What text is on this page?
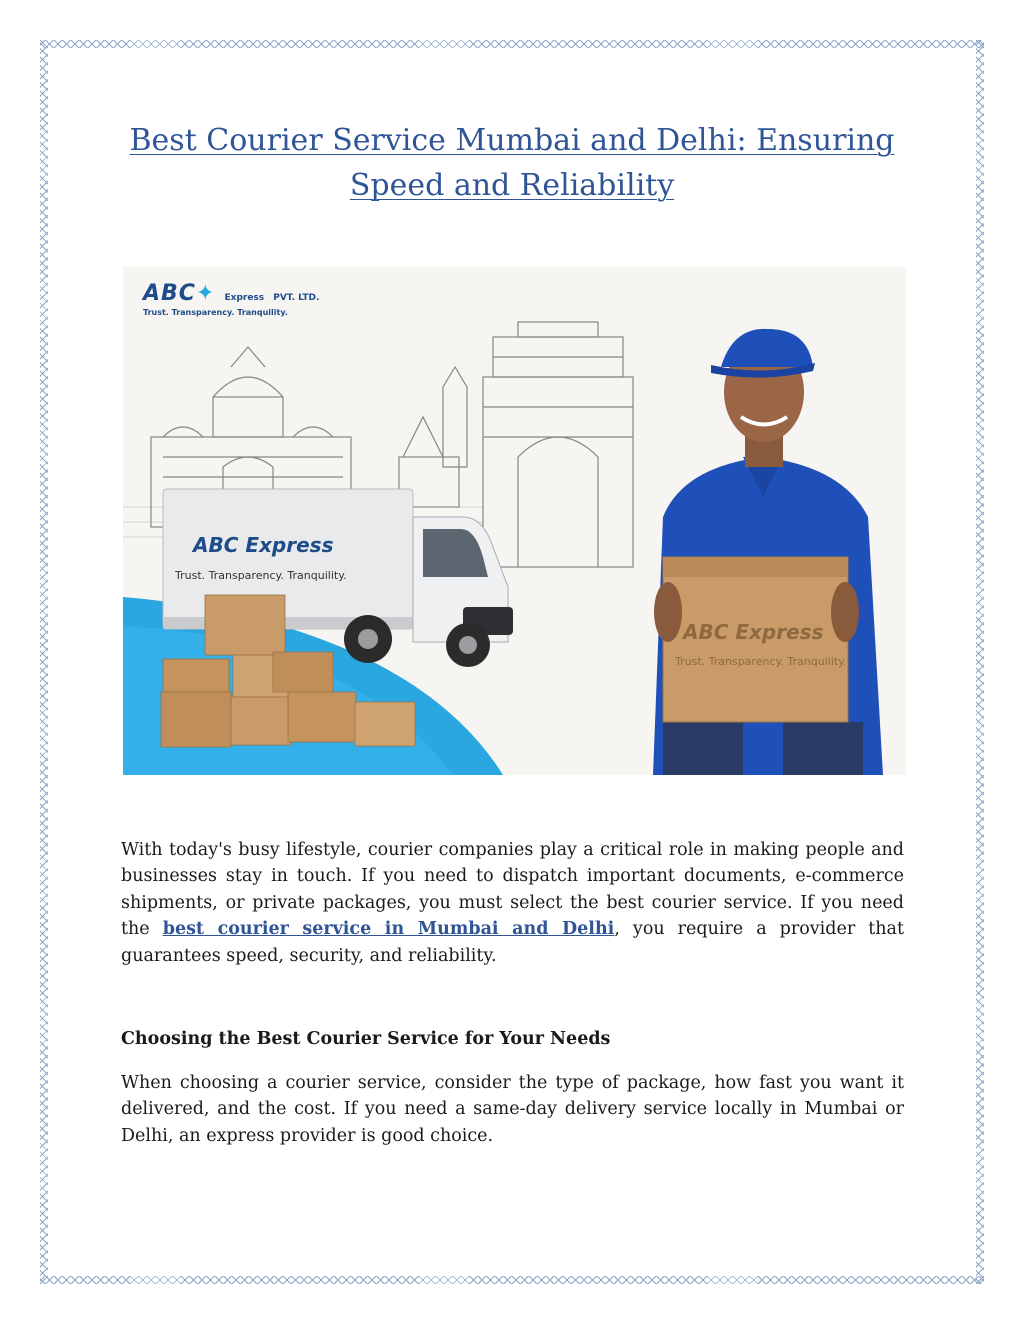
Best Courier Service Mumbai and Delhi: Ensuring Speed and Reliability
ABC Express
Trust. Transparency. Tranquility.
ABC Express
Trust. Transparency. Tranquility.
ABC✦ Express PVT. LTD.
Trust. Transparency. Tranquility.

With today's busy lifestyle, courier companies play a critical role in making people and businesses stay in touch. If you need to dispatch important documents, e-commerce shipments, or private packages, you must select the best courier service. If you need the best courier service in Mumbai and Delhi, you require a provider that guarantees speed, security, and reliability.

Choosing the Best Courier Service for Your Needs

When choosing a courier service, consider the type of package, how fast you want it delivered, and the cost. If you need a same-day delivery service locally in Mumbai or Delhi, an express provider is good choice.
